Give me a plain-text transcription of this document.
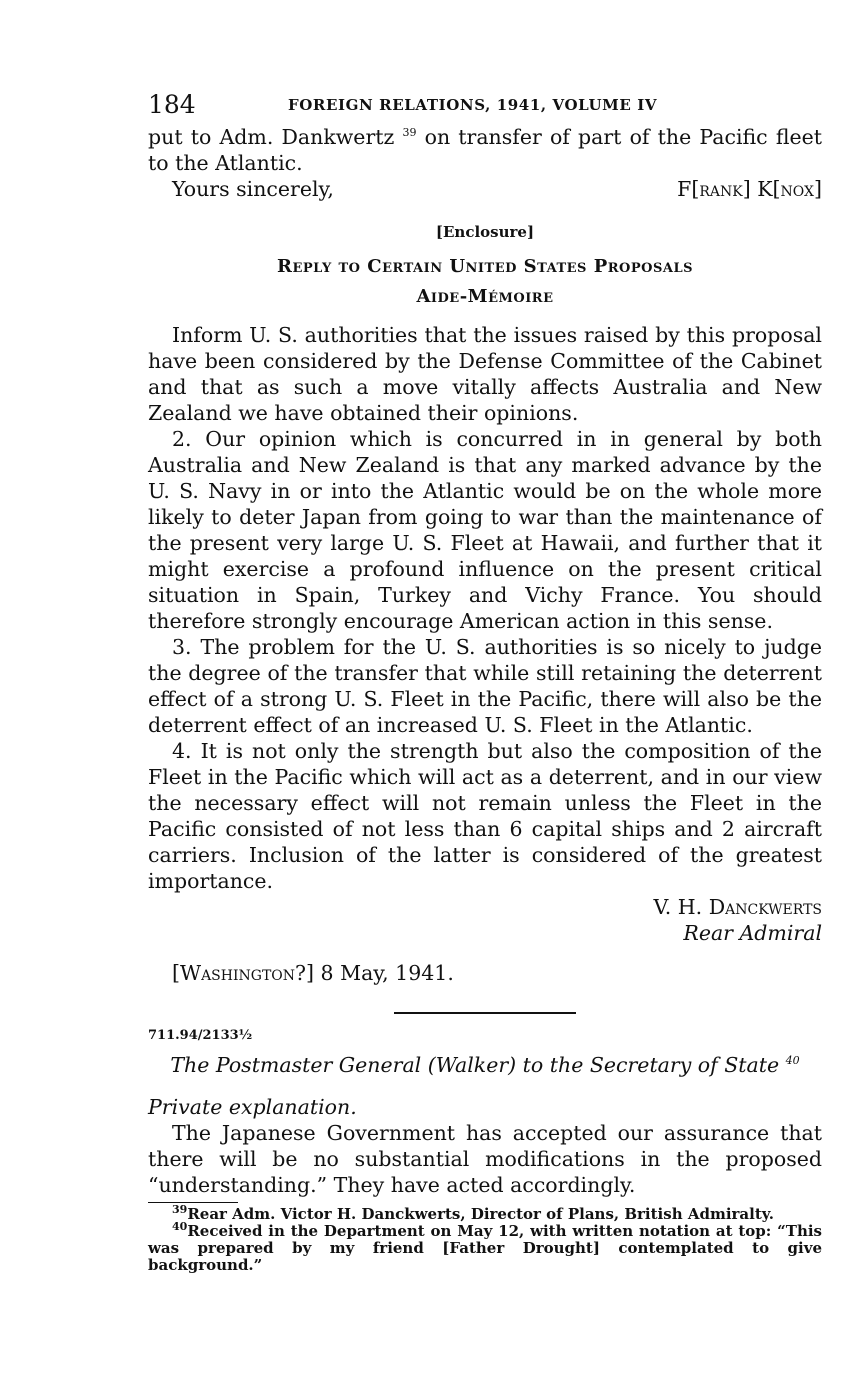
184	FOREIGN RELATIONS, 1941, VOLUME IV

put to Adm. Dankwertz $^{39}$ on transfer of part of the Pacific fleet to the Atlantic.

Yours sincerely,	F[rank] K[nox]
[Enclosure]
Reply to Certain United States Proposals
Aide-Mémoire

Inform U. S. authorities that the issues raised by this proposal have been considered by the Defense Committee of the Cabinet and that as such a move vitally affects Australia and New Zealand we have obtained their opinions.

2. Our opinion which is concurred in in general by both Australia and New Zealand is that any marked advance by the U. S. Navy in or into the Atlantic would be on the whole more likely to deter Japan from going to war than the maintenance of the present very large U. S. Fleet at Hawaii, and further that it might exercise a profound influence on the present critical situation in Spain, Turkey and Vichy France. You should therefore strongly encourage American action in this sense.

3. The problem for the U. S. authorities is so nicely to judge the degree of the transfer that while still retaining the deterrent effect of a strong U. S. Fleet in the Pacific, there will also be the deterrent effect of an increased U. S. Fleet in the Atlantic.

4. It is not only the strength but also the composition of the Fleet in the Pacific which will act as a deterrent, and in our view the necessary effect will not remain unless the Fleet in the Pacific consisted of not less than 6 capital ships and 2 aircraft carriers. Inclusion of the latter is considered of the greatest importance.

V. H. Danckwerts
Rear Admiral
[Washington?] 8 May, 1941.
711.94/2133½
The Postmaster General (Walker) to the Secretary of State $^{40}$
Private explanation.

The Japanese Government has accepted our assurance that there will be no substantial modifications in the proposed “understanding.” They have acted accordingly.

$^{39}$Rear Adm. Victor H. Danckwerts, Director of Plans, British Admiralty.
$^{40}$Received in the Department on May 12, with written notation at top: “This was prepared by my friend [Father Drought] contemplated to give background.”
